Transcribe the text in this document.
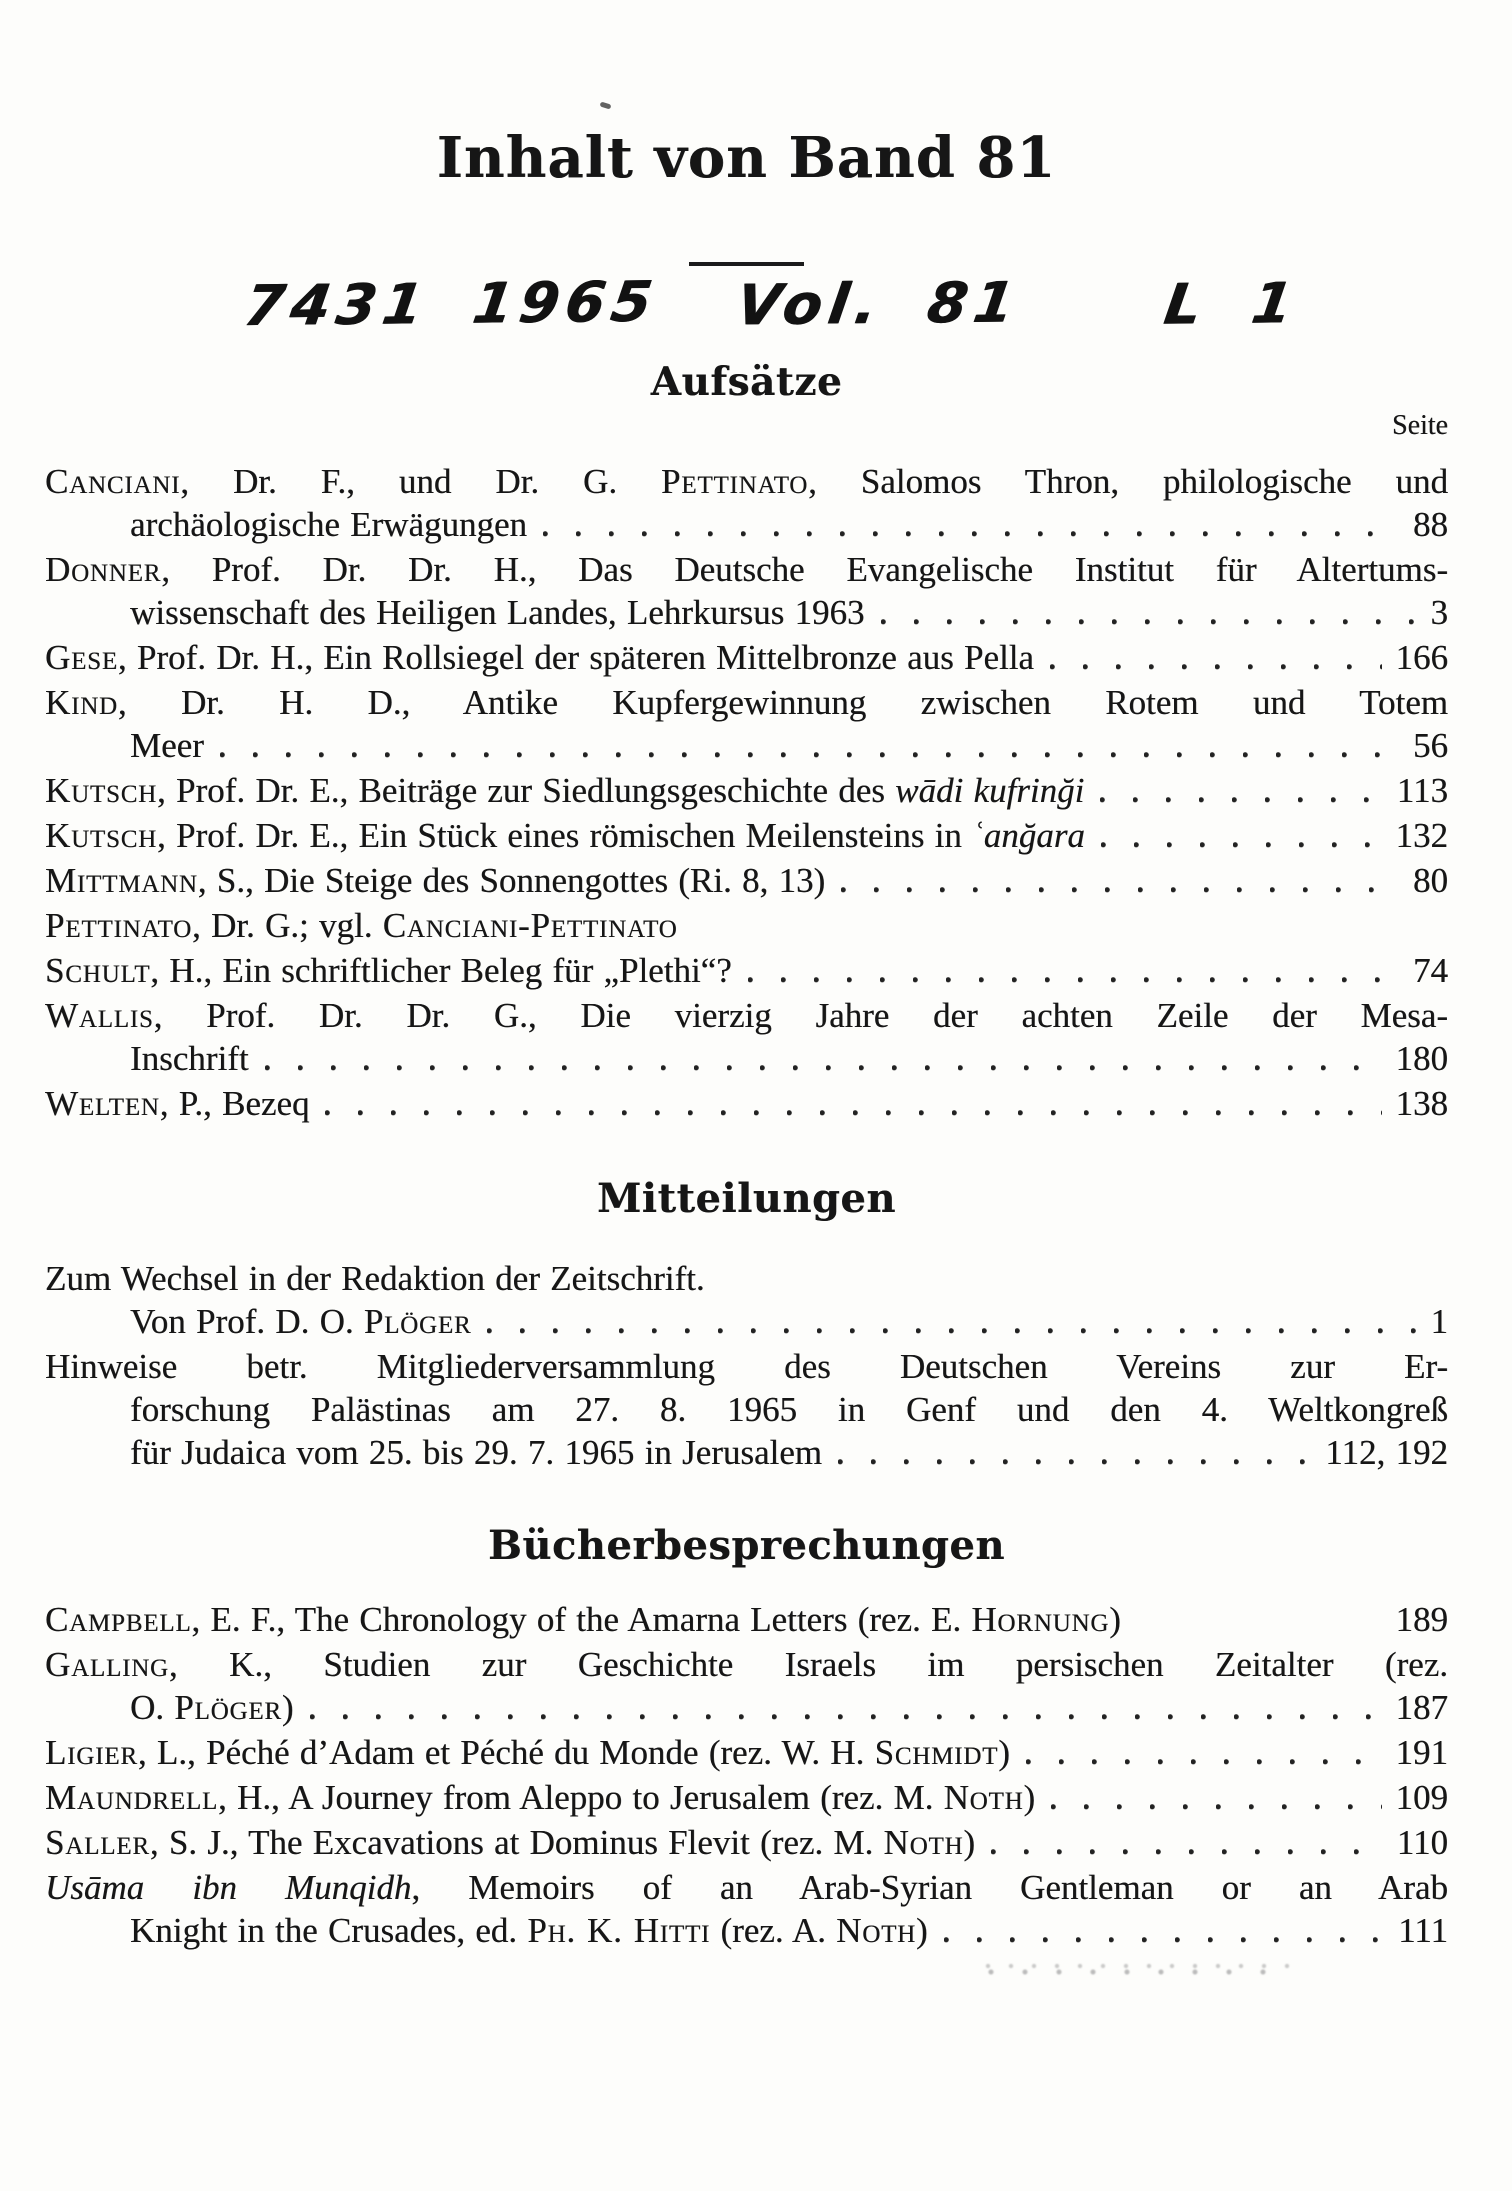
Inhalt von Band 81
7431 1965 Vol. 81 L 1
Aufsätze
Seite
Canciani, Dr. F., und Dr. G. Pettinato, Salomos Thron, philologische und
archäologische Erwägungen	88
Donner, Prof. Dr. Dr. H., Das Deutsche Evangelische Institut für Altertums-
wissenschaft des Heiligen Landes, Lehrkursus 1963	3
Gese, Prof. Dr. H., Ein Rollsiegel der späteren Mittelbronze aus Pella	166
Kind, Dr. H. D., Antike Kupfergewinnung zwischen Rotem und Totem
Meer	56
Kutsch, Prof. Dr. E., Beiträge zur Siedlungsgeschichte des wādi kufrinği	113
Kutsch, Prof. Dr. E., Ein Stück eines römischen Meilensteins in ʿanğara	132
Mittmann, S., Die Steige des Sonnengottes (Ri. 8, 13)	80
Pettinato, Dr. G.; vgl. Canciani-Pettinato
Schult, H., Ein schriftlicher Beleg für „Plethi“?	74
Wallis, Prof. Dr. Dr. G., Die vierzig Jahre der achten Zeile der Mesa-
Inschrift	180
Welten, P., Bezeq	138
Mitteilungen
Zum Wechsel in der Redaktion der Zeitschrift.
Von Prof. D. O. Plöger	1
Hinweise betr. Mitgliederversammlung des Deutschen Vereins zur Er-
forschung Palästinas am 27. 8. 1965 in Genf und den 4. Weltkongreß
für Judaica vom 25. bis 29. 7. 1965 in Jerusalem	112, 192
Bücherbesprechungen
Campbell, E. F., The Chronology of the Amarna Letters (rez. E. Hornung)	189
Galling, K., Studien zur Geschichte Israels im persischen Zeitalter (rez.
O. Plöger)	187
Ligier, L., Péché d’Adam et Péché du Monde (rez. W. H. Schmidt)	191
Maundrell, H., A Journey from Aleppo to Jerusalem (rez. M. Noth)	109
Saller, S. J., The Excavations at Dominus Flevit (rez. M. Noth)	110
Usāma ibn Munqidh, Memoirs of an Arab-Syrian Gentleman or an Arab
Knight in the Crusades, ed. Ph. K. Hitti (rez. A. Noth)	111
